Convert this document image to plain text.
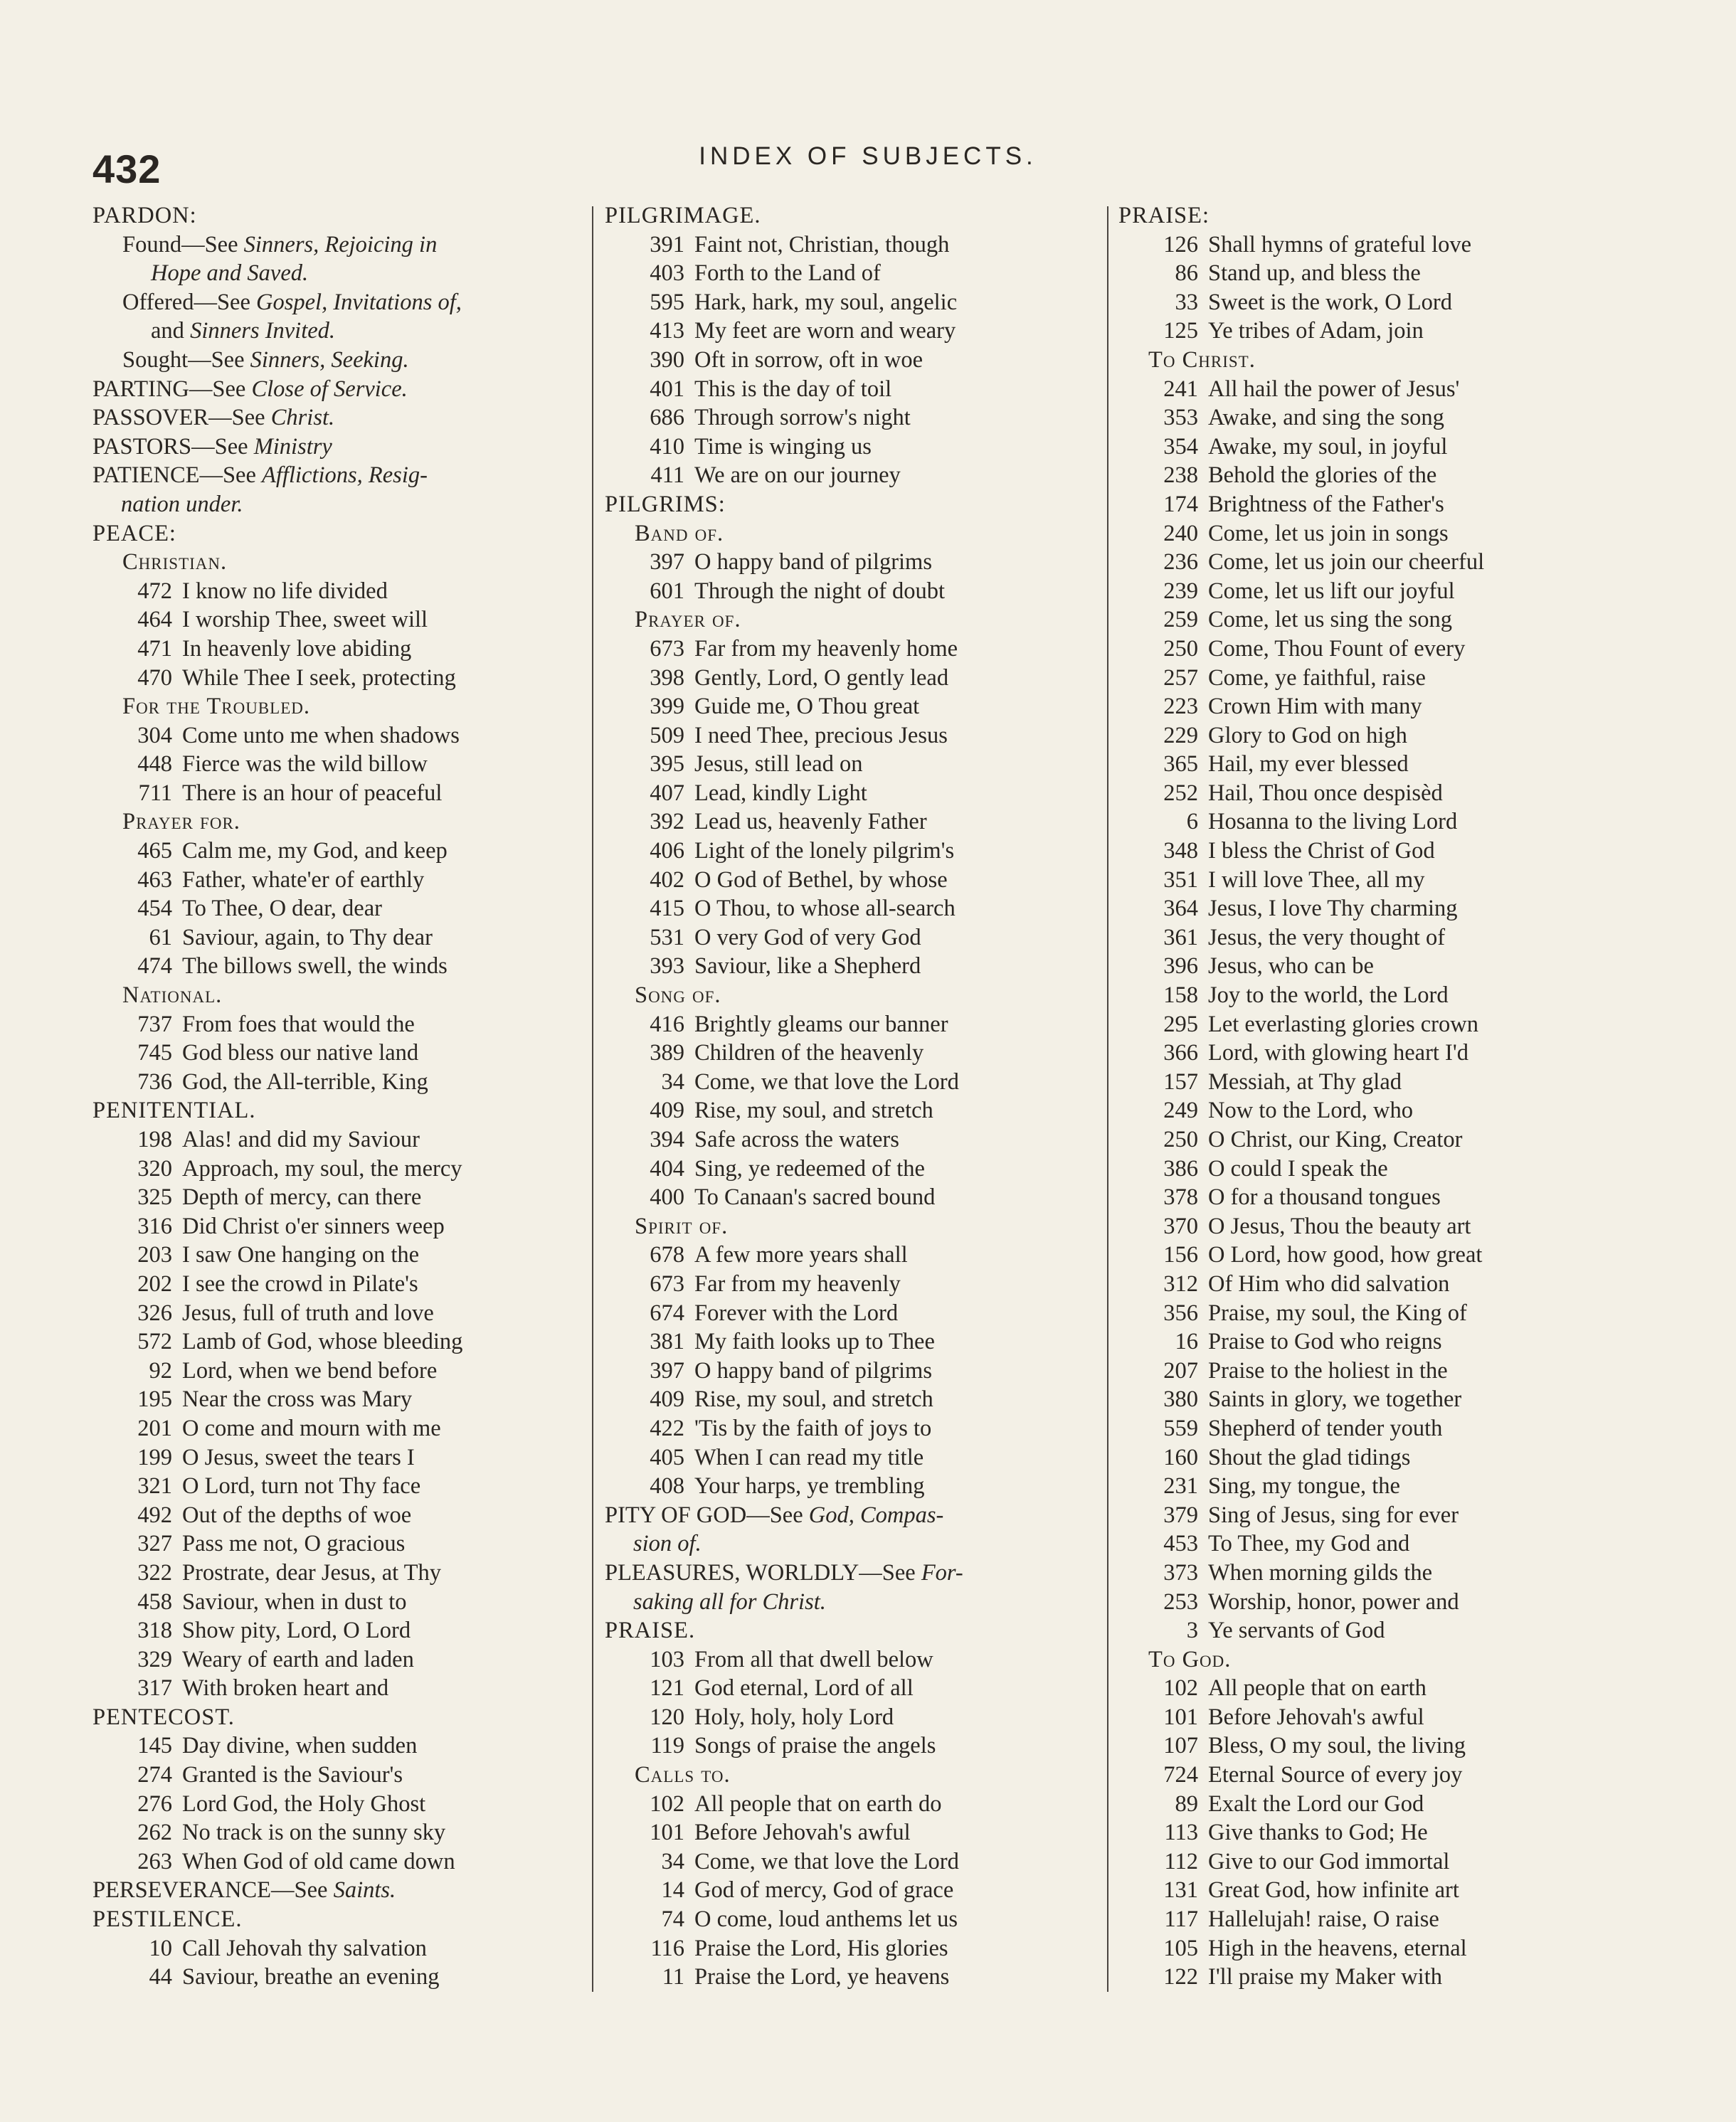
432	INDEX OF SUBJECTS.
PARDON:
Found—See Sinners, Rejoicing in
Hope and Saved.
Offered—See Gospel, Invitations of,
and Sinners Invited.
Sought—See Sinners, Seeking.
PARTING—See Close of Service.
PASSOVER—See Christ.
PASTORS—See Ministry
PATIENCE—See Afflictions, Resig-
nation under.
PEACE:
Christian.
472 I know no life divided
464 I worship Thee, sweet will
471 In heavenly love abiding
470 While Thee I seek, protecting
For the Troubled.
304 Come unto me when shadows
448 Fierce was the wild billow
711 There is an hour of peaceful
Prayer for.
465 Calm me, my God, and keep
463 Father, whate'er of earthly
454 To Thee, O dear, dear
61 Saviour, again, to Thy dear
474 The billows swell, the winds
National.
737 From foes that would the
745 God bless our native land
736 God, the All-terrible, King
PENITENTIAL.
198 Alas! and did my Saviour
320 Approach, my soul, the mercy
325 Depth of mercy, can there
316 Did Christ o'er sinners weep
203 I saw One hanging on the
202 I see the crowd in Pilate's
326 Jesus, full of truth and love
572 Lamb of God, whose bleeding
92 Lord, when we bend before
195 Near the cross was Mary
201 O come and mourn with me
199 O Jesus, sweet the tears I
321 O Lord, turn not Thy face
492 Out of the depths of woe
327 Pass me not, O gracious
322 Prostrate, dear Jesus, at Thy
458 Saviour, when in dust to
318 Show pity, Lord, O Lord
329 Weary of earth and laden
317 With broken heart and
PENTECOST.
145 Day divine, when sudden
274 Granted is the Saviour's
276 Lord God, the Holy Ghost
262 No track is on the sunny sky
263 When God of old came down
PERSEVERANCE—See Saints.
PESTILENCE.
10 Call Jehovah thy salvation
44 Saviour, breathe an evening
PILGRIMAGE.
391 Faint not, Christian, though
403 Forth to the Land of
595 Hark, hark, my soul, angelic
413 My feet are worn and weary
390 Oft in sorrow, oft in woe
401 This is the day of toil
686 Through sorrow's night
410 Time is winging us
411 We are on our journey
PILGRIMS:
Band of.
397 O happy band of pilgrims
601 Through the night of doubt
Prayer of.
673 Far from my heavenly home
398 Gently, Lord, O gently lead
399 Guide me, O Thou great
509 I need Thee, precious Jesus
395 Jesus, still lead on
407 Lead, kindly Light
392 Lead us, heavenly Father
406 Light of the lonely pilgrim's
402 O God of Bethel, by whose
415 O Thou, to whose all-search
531 O very God of very God
393 Saviour, like a Shepherd
Song of.
416 Brightly gleams our banner
389 Children of the heavenly
34 Come, we that love the Lord
409 Rise, my soul, and stretch
394 Safe across the waters
404 Sing, ye redeemed of the
400 To Canaan's sacred bound
Spirit of.
678 A few more years shall
673 Far from my heavenly
674 Forever with the Lord
381 My faith looks up to Thee
397 O happy band of pilgrims
409 Rise, my soul, and stretch
422 'Tis by the faith of joys to
405 When I can read my title
408 Your harps, ye trembling
PITY OF GOD—See God, Compas-
sion of.
PLEASURES, WORLDLY—See For-
saking all for Christ.
PRAISE.
103 From all that dwell below
121 God eternal, Lord of all
120 Holy, holy, holy Lord
119 Songs of praise the angels
Calls to.
102 All people that on earth do
101 Before Jehovah's awful
34 Come, we that love the Lord
14 God of mercy, God of grace
74 O come, loud anthems let us
116 Praise the Lord, His glories
11 Praise the Lord, ye heavens
PRAISE:
126 Shall hymns of grateful love
86 Stand up, and bless the
33 Sweet is the work, O Lord
125 Ye tribes of Adam, join
To Christ.
241 All hail the power of Jesus'
353 Awake, and sing the song
354 Awake, my soul, in joyful
238 Behold the glories of the
174 Brightness of the Father's
240 Come, let us join in songs
236 Come, let us join our cheerful
239 Come, let us lift our joyful
259 Come, let us sing the song
250 Come, Thou Fount of every
257 Come, ye faithful, raise
223 Crown Him with many
229 Glory to God on high
365 Hail, my ever blessed
252 Hail, Thou once despisèd
6 Hosanna to the living Lord
348 I bless the Christ of God
351 I will love Thee, all my
364 Jesus, I love Thy charming
361 Jesus, the very thought of
396 Jesus, who can be
158 Joy to the world, the Lord
295 Let everlasting glories crown
366 Lord, with glowing heart I'd
157 Messiah, at Thy glad
249 Now to the Lord, who
250 O Christ, our King, Creator
386 O could I speak the
378 O for a thousand tongues
370 O Jesus, Thou the beauty art
156 O Lord, how good, how great
312 Of Him who did salvation
356 Praise, my soul, the King of
16 Praise to God who reigns
207 Praise to the holiest in the
380 Saints in glory, we together
559 Shepherd of tender youth
160 Shout the glad tidings
231 Sing, my tongue, the
379 Sing of Jesus, sing for ever
453 To Thee, my God and
373 When morning gilds the
253 Worship, honor, power and
3 Ye servants of God
To God.
102 All people that on earth
101 Before Jehovah's awful
107 Bless, O my soul, the living
724 Eternal Source of every joy
89 Exalt the Lord our God
113 Give thanks to God; He
112 Give to our God immortal
131 Great God, how infinite art
117 Hallelujah! raise, O raise
105 High in the heavens, eternal
122 I'll praise my Maker with
